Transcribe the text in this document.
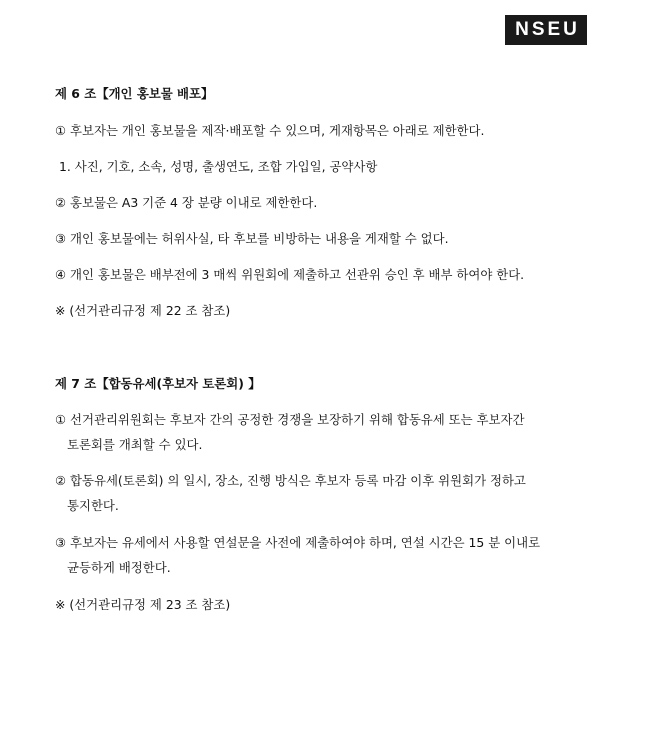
NSEU
제 6 조【개인 홍보물 배포】
① 후보자는 개인 홍보물을 제작·배포할 수 있으며, 게재항목은 아래로 제한한다.
1. 사진, 기호, 소속, 성명, 출생연도, 조합 가입일, 공약사항
② 홍보물은 A3 기준 4 장 분량 이내로 제한한다.
③ 개인 홍보물에는 허위사실, 타 후보를 비방하는 내용을 게재할 수 없다.
④ 개인 홍보물은 배부전에 3 매씩 위원회에 제출하고 선관위 승인 후 배부 하여야 한다.
※ (선거관리규정 제 22 조 참조)
제 7 조【합동유세(후보자 토론회) 】
① 선거관리위원회는 후보자 간의 공정한 경쟁을 보장하기 위해 합동유세 또는 후보자간
토론회를 개최할 수 있다.
② 합동유세(토론회) 의 일시, 장소, 진행 방식은 후보자 등록 마감 이후 위원회가 정하고
통지한다.
③ 후보자는 유세에서 사용할 연설문을 사전에 제출하여야 하며, 연설 시간은 15 분 이내로
균등하게 배정한다.
※ (선거관리규정 제 23 조 참조)
